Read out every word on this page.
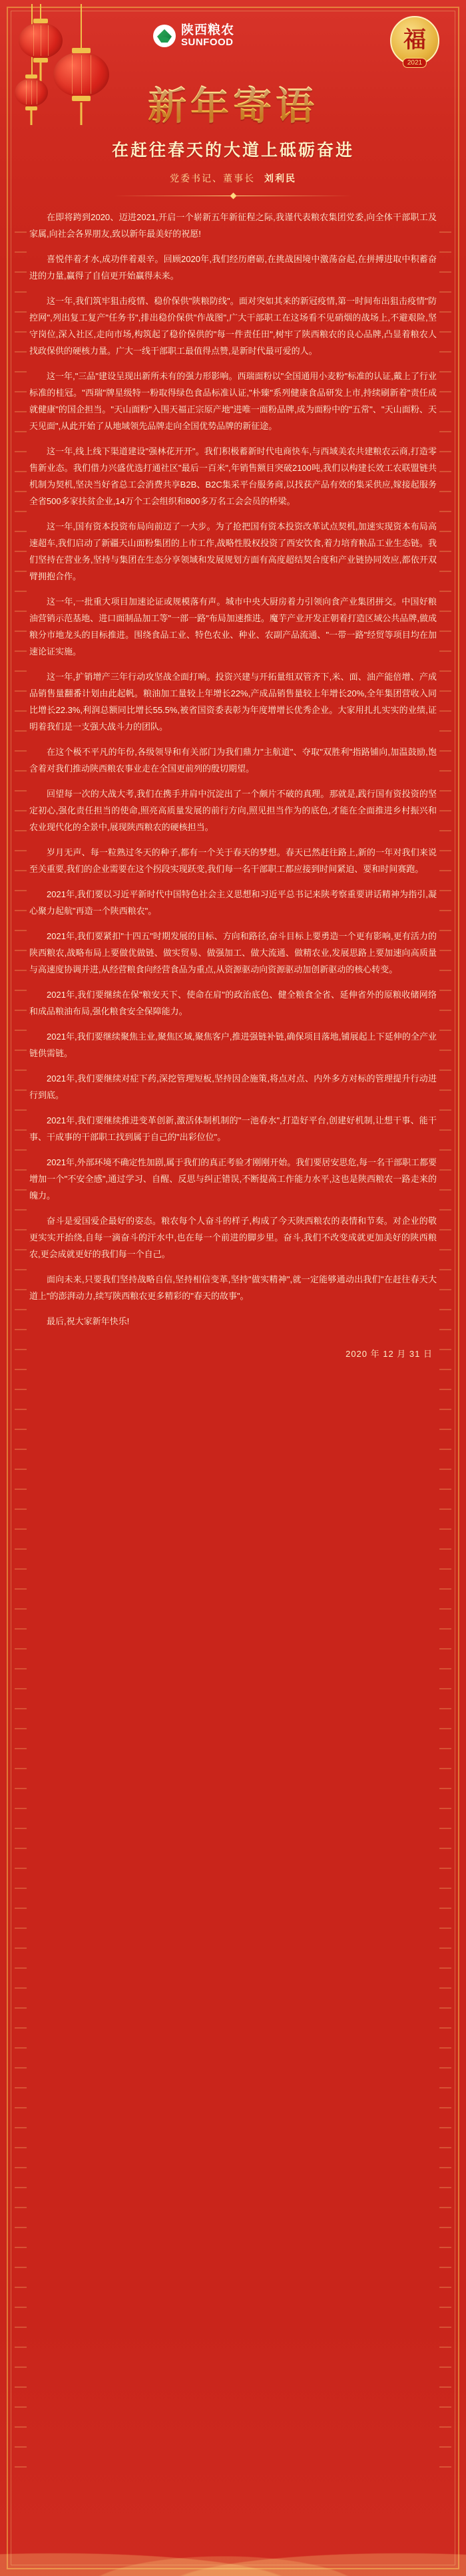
陕西粮农
SUNFOOD	福
2021
新年寄语
在赶往春天的大道上砥砺奋进
党委书记、董事长 刘利民

在即将跨到2020、迈进2021,开启一个崭新五年新征程之际,我谨代表粮农集团党委,向全体干部职工及家属,向社会各界朋友,致以新年最美好的祝愿!

喜悦伴着才水,成功伴着艰辛。回顾2020年,我们经历磨砺,在挑战困境中激荡奋起,在拼搏进取中积蓄奋进的力量,赢得了自信更开始赢得未来。

这一年,我们筑牢狙击疫情、稳价保供"陕粮防线"。面对突如其来的新冠疫情,第一时间布出狙击疫情"防控网",列出复工复产"任务书",排出稳价保供"作战图",广大干部职工在这场看不见硝烟的战场上,不避艰险,坚守岗位,深入社区,走向市场,构筑起了稳价保供的"每一件责任田",树牢了陕西粮农的良心品牌,凸显着粮农人找政保供的硬核力量。广大一线干部职工最值得点赞,是新时代最可爱的人。

这一年,"三品"建设呈现出新所未有的强力形影响。西瑞面粉以"全国通用小麦粉"标准的认证,戴上了行业标准的桂冠。"西瑞"牌星级特一粉取得绿色食品标准认证,"朴臻"系列健康食品研发上市,持续刷新着"责任成就健康"的国企担当。"天山面粉"入围天福正宗原产地"进唯一面粉品牌,成为面粉中的"五常"、"天山面粉、天天见面",从此开始了从地域领先品牌走向全国优势品牌的新征途。

这一年,线上线下渠道建设"强林花开开"。我们积极蓄新时代电商快车,与西域美农共建粮农云商,打造零售新业态。我们借力兴盛优选打通社区"最后一百米",年销售额目突破2100吨,我们以构建长效工农联盟链共机制为契机,坚决当好省总工会消费共享B2B、B2C集采平台服务商,以找获产品有效的集采供应,嫁接起服务全省500多家扶贫企业,14万个工会组织和800多万名工会会员的桥梁。

这一年,国有资本投资布局向前迈了一大步。为了抢把国有资本投资改革试点契机,加速实现资本布局高速超车,我们启动了新疆天山面粉集团的上市工作,战略性股权投资了西安饮食,着力培育粮品工业生态链。我们坚持在营业务,坚持与集团在生态分享领域和发展规划方面有高度超结契合度和产业链协同效应,都依开双臂拥抱合作。

这一年,一批重大项目加速论证或规模落有声。城市中央大厨房着力引领向食产业集团拼交。中国好粮油营销示范基地、进口面制品加工等"一部一路"布局加速推进。魔芋产业开发正朝着打造区域公共品牌,做成粮分市地龙头的目标推进。围绕食品工业、特色农业、种业、农副产品流通、"一带一路"经贸等项目均在加速论证实施。

这一年,扩销增产三年行动攻坚战全面打响。投资兴建与开拓量组双管齐下,米、面、油产能倍增、产成品销售量翻番计划由此起帆。粮油加工量较上年增长22%,产成品销售量较上年增长20%,全年集团营收入同比增长22.3%,利润总额同比增长55.5%,被省国资委表彰为年度增增长优秀企业。大家用扎扎实实的业绩,证明着我们是一支强大战斗力的团队。

在这个极不平凡的年份,各级领导和有关部门为我们鼎力"主航道"、夺取"双胜利"指路铺向,加温鼓励,饱含着对我们推动陕西粮农事业走在全国更前列的殷切期望。

回望每一次的大战大考,我们在携手并肩中沉淀出了一个颇片不破的真理。那就是,践行国有资投资的坚定初心,强化责任担当的使命,照亮高质量发展的前行方向,照见担当作为的底色,才能在全面推进乡村振兴和农业现代化的全景中,展现陕西粮农的硬核担当。

岁月无声、每一粒熟过冬天的种子,都有一个关于春天的梦想。春天已然赶往路上,新的一年对我们来说至关重要,我们的企业需要在这个拐段实现跃变,我们每一名干部职工都应接到时间紧迫、要和时间赛跑。

2021年,我们要以习近平新时代中国特色社会主义思想和习近平总书记来陕考察重要讲话精神为指引,凝心聚力起航"再造一个陕西粮农"。

2021年,我们要紧扣"十四五"时期发展的目标、方向和路径,奋斗目标上要勇造一个更有影响,更有活力的陕西粮农,战略布局上要做优做链、做实贸易、做强加工、做大流通、做精农业,发展思路上要加速向高质量与高速度协调并进,从经营粮食向经营食品为重点,从资源驱动向资源驱动加创新驱动的核心转变。

2021年,我们要继续在保"粮安天下、使命在肩"的政治底色、健全粮食全省、延伸省外的原粮收储网络和成品粮油布局,强化粮食安全保障能力。

2021年,我们要继续聚焦主业,聚焦区域,聚焦客户,推进强链补链,确保项目落地,铺展起上下延伸的全产业链供需链。

2021年,我们要继续对症下药,深挖管理短板,坚持因企施策,将点对点、内外多方对标的管理提升行动进行到底。

2021年,我们要继续推进变革创新,激活体制机制的"一池春水",打造好平台,创建好机制,让想干事、能干事、干成事的干部职工找到属于自己的"出彩位位"。

2021年,外部环境不确定性加剧,属于我们的真正考验才刚刚开始。我们要居安思危,每一名干部职工都要增加一个"不安全感",通过学习、自醒、反思与纠正错误,不断提高工作能力水平,这也是陕西粮农一路走来的魄力。

奋斗是爱国爱企最好的姿态。粮农每个人奋斗的样子,构成了今天陕西粮农的表情和节奏。对企业的敬更实实开抬绕,自每一滴奋斗的汗水中,也在每一个前进的脚步里。奋斗,我们不改变成就更加美好的陕西粮农,更会成就更好的我们每一个自己。

面向未来,只要我们坚持战略自信,坚持相信变革,坚持"做实精神",就一定能够通动出我们"在赶往春天大道上"的澎湃动力,续写陕西粮农更多精彩的"春天的故事"。

最后,祝大家新年快乐!

2020 年 12 月 31 日
